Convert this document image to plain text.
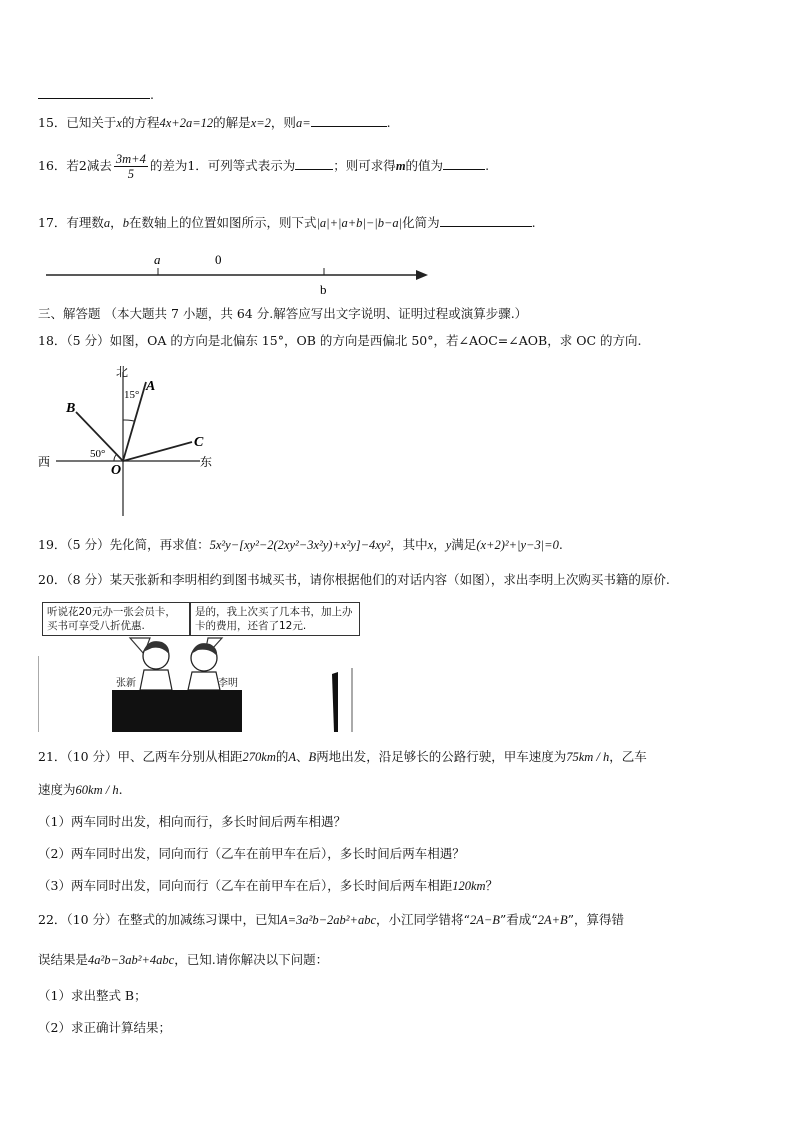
.
15．已知关于x的方程4x+2a=12的解是x=2，则a=	.
16．若2减去 $\frac{3m+4}{5}$ 的差为1．可列等式表示为	；则可求得m的值为	.
17．有理数a，b在数轴上的位置如图所示，则下式|a|+|a+b|−|b−a|化简为	.
a	0
b
三、解答题 （本大题共 7 小题，共 64 分.解答应写出文字说明、证明过程或演算步骤.）
18．（5 分）如图，OA 的方向是北偏东 15°，OB 的方向是西偏北 50°，若∠AOC=∠AOB，求 OC 的方向.
北
A
15°
B
C
50°
O
西	东
19．（5 分）先化简，再求值：5x²y−[xy²−2(2xy²−3x²y)+x²y]−4xy²，其中x，y满足(x+2)²+|y−3|=0.
20．（8 分）某天张新和李明相约到图书城买书，请你根据他们的对话内容（如图），求出李明上次购买书籍的原价.
听说花20元办一张会员卡，买书可享受八折优惠.
是的，我上次买了几本书，加上办卡的费用，还省了12元.
张新	李明
21．（10 分）甲、乙两车分别从相距270km的A、B两地出发，沿足够长的公路行驶，甲车速度为75km / h，乙车
速度为60km / h.
（1）两车同时出发，相向而行，多长时间后两车相遇？
（2）两车同时出发，同向而行（乙车在前甲车在后），多长时间后两车相遇？
（3）两车同时出发，同向而行（乙车在前甲车在后），多长时间后两车相距120km？
22．（10 分）在整式的加减练习课中，已知A=3a²b−2ab²+abc，小江同学错将“2A−B”看成“2A+B”，算得错
误结果是4a²b−3ab²+4abc，已知.请你解决以下问题：
（1）求出整式 B；
（2）求正确计算结果；
